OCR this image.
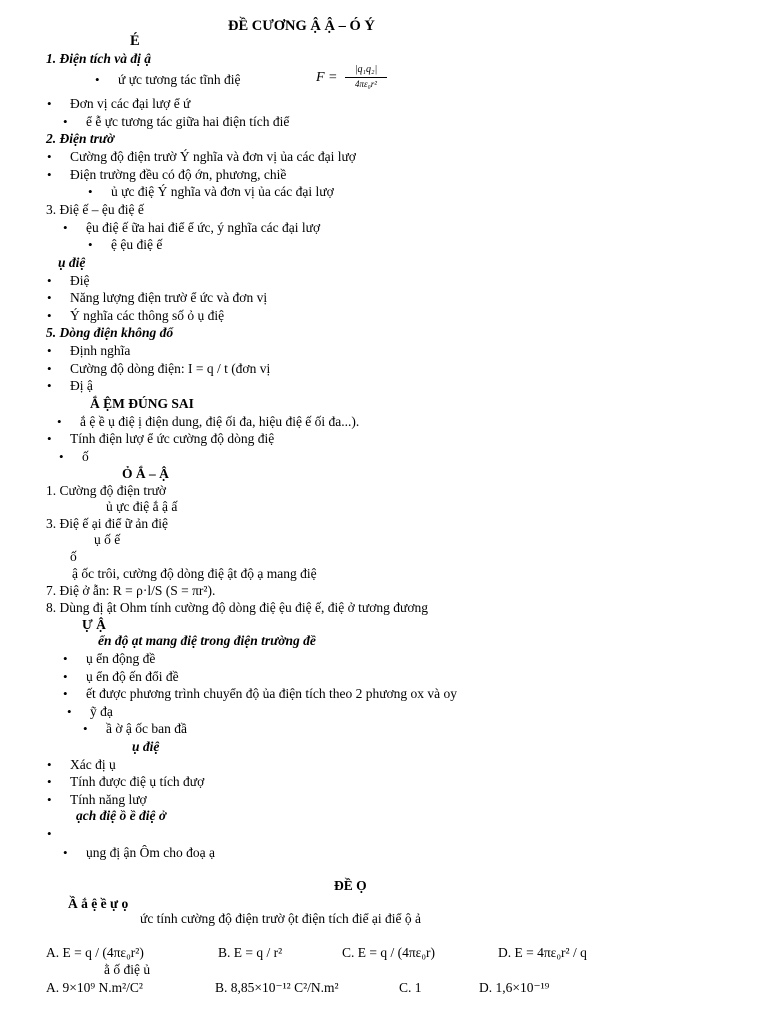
ĐỀ CƯƠNG Ậ Ậ – Ó Ý
É
1. Điện tích và đị ậ
• ứ ực tương tác tĩnh điệ	F =
|q₁q₂|
4πε₀r²
• Đơn vị các đại lượ ể ứ
• ể ễ ực tương tác giữa hai điện tích điể
2. Điện trườ
• Cường độ điện trườ Ý nghĩa và đơn vị ủa các đại lượ
• Điện trường đều có độ ớn, phương, chiề
• ủ ực điệ Ý nghĩa và đơn vị ủa các đại lượ
3. Điệ ế – ệu điệ ế
• ệu điệ ế ữa hai điể ể ức, ý nghĩa các đại lượ
• ệ ệu điệ ế
ụ điệ
• Điệ
• Năng lượng điện trườ ể ức và đơn vị
• Ý nghĩa các thông số ỏ ụ điệ
5. Dòng điện không đổ
• Định nghĩa
• Cường độ dòng điện: I = q / t (đơn vị
• Đị ậ
Ắ ỆM ĐÚNG SAI
• ắ ệ ề ụ điệ ị điện dung, điệ ối đa, hiệu điệ ế ối đa...).
• Tính điện lượ ể ức cường độ dòng điệ
• ố
Ỏ Ắ – Ậ
1. Cường độ điện trườ
ủ ực điệ ắ ậ ấ
3. Điệ ế ại điể ữ ản điệ
ụ ố ế
ố
ậ ốc trôi, cường độ dòng điệ ật độ ạ mang điệ
7. Điệ ở ẫn: R = ρ·l/S (S = πr²).
8. Dùng đị ật Ohm tính cường độ dòng điệ ệu điệ ế, điệ ở tương đương
Ự Ậ
ển độ ạt mang điệ trong điện trường đề
• ụ ển động đề
• ụ ển độ ến đổi đề
• ết được phương trình chuyển độ ủa điện tích theo 2 phương ox và oy
• ỹ đạ
• ầ ờ ậ ốc ban đầ
ụ điệ
• Xác đị ụ
• Tính được điệ ụ tích đượ
• Tính năng lượ
ạch điệ ồ ề điệ ở
• ụng đị ận Ôm cho đoạ ạ
ĐỀ Ọ
Ầ ắ ệ ề ự ọ
ức tính cường độ điện trườ ột điện tích điể ại điể ộ ả
A. E = q / (4πε₀r²)	B. E = q / r²	C. E = q / (4πε₀r)	D. E = 4πε₀r² / q
ằ ố điệ ủ
A. 9×10⁹ N.m²/C²	B. 8,85×10⁻¹² C²/N.m²	C. 1	D. 1,6×10⁻¹⁹
